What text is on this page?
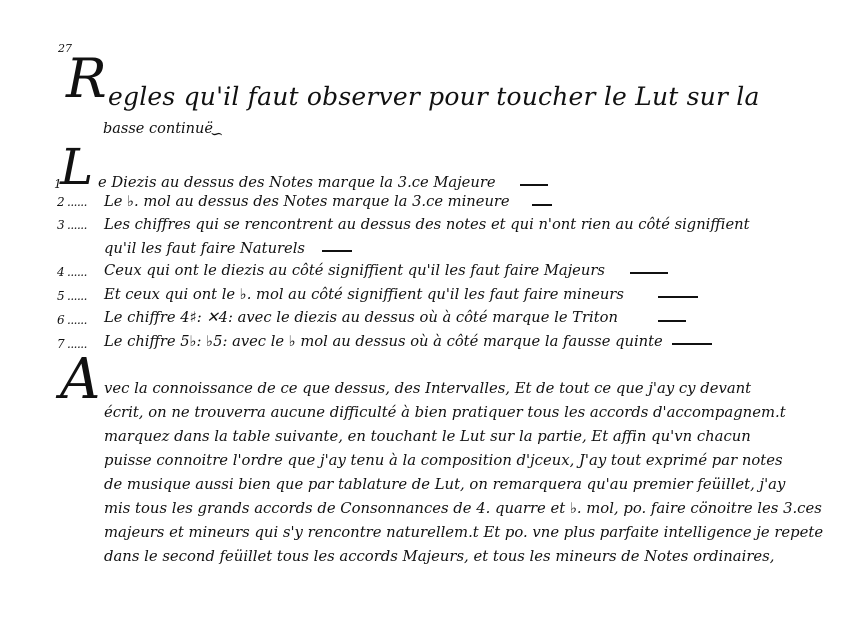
27
R egles qu'il faut observer pour toucher le Lut sur la
basse continuë
∽
1
L e Diezis au dessus des Notes marque la 3.ce Majeure
2 ...... Le ♭. mol au dessus des Notes marque la 3.ce mineure
3 ...... Les chiffres qui se rencontrent au dessus des notes et qui n'ont rien au côté signiffient
qu'il les faut faire Naturels
4 ...... Ceux qui ont le diezis au côté signiffient qu'il les faut faire Majeurs
5 ...... Et ceux qui ont le ♭. mol au côté signiffient qu'il les faut faire mineurs
6 ...... Le chiffre 4♯: ✕4: avec le diezis au dessus où à côté marque le Triton
7 ...... Le chiffre 5♭: ♭5: avec le ♭ mol au dessus où à côté marque la fausse quinte
A vec la connoissance de ce que dessus, des Intervalles, Et de tout ce que j'ay cy devant
écrit, on ne trouverra aucune difficulté à bien pratiquer tous les accords d'accompagnem.t
marquez dans la table suivante, en touchant le Lut sur la partie, Et affin qu'vn chacun
puisse connoitre l'ordre que j'ay tenu à la composition d'jceux, J'ay tout exprimé par notes
de musique aussi bien que par tablature de Lut, on remarquera qu'au premier feüillet, j'ay
mis tous les grands accords de Consonnances de 4. quarre et ♭. mol, po. faire cönoitre les 3.ces
majeurs et mineurs qui s'y rencontre naturellem.t Et po. vne plus parfaite intelligence je repete
dans le second feüillet tous les accords Majeurs, et tous les mineurs de Notes ordinaires,
